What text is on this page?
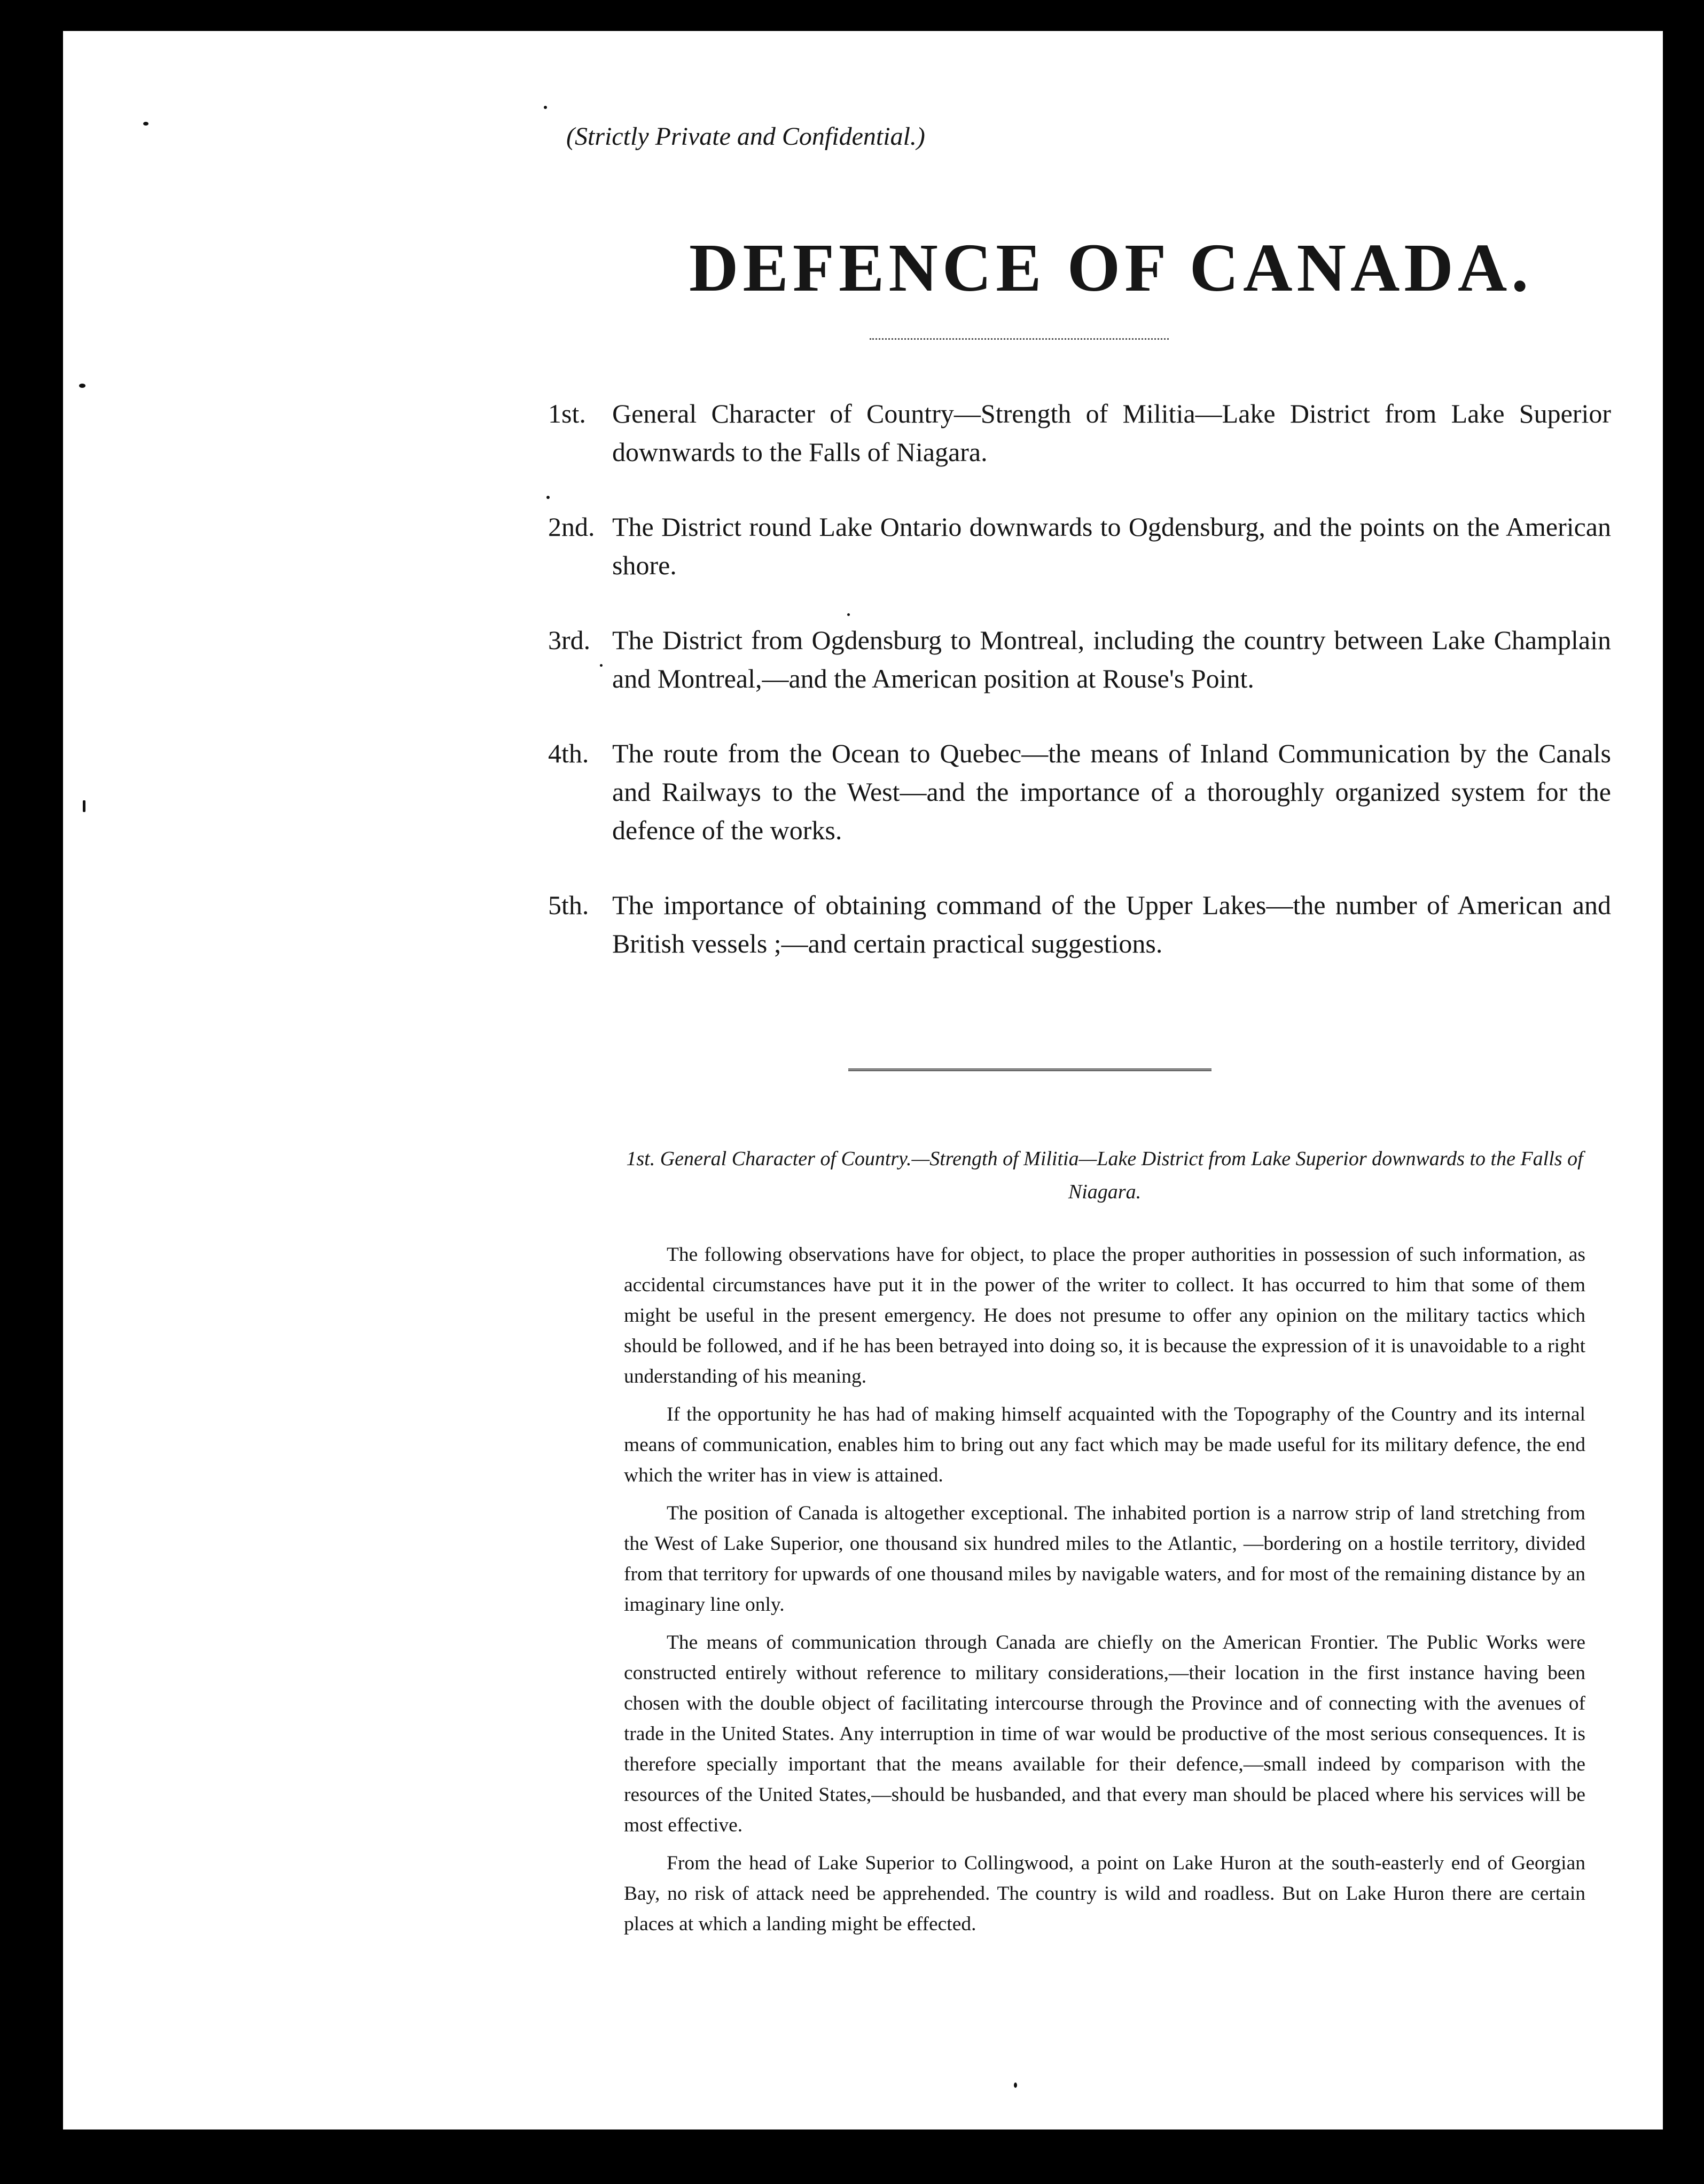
(Strictly Private and Confidential.)

DEFENCE OF CANADA.
1st. General Character of Country—Strength of Militia—Lake District from Lake Superior downwards to the Falls of Niagara.
2nd. The District round Lake Ontario downwards to Ogdensburg, and the points on the American shore.
3rd. The District from Ogdensburg to Montreal, including the country between Lake Champlain and Montreal,—and the American position at Rouse's Point.
4th. The route from the Ocean to Quebec—the means of Inland Communication by the Canals and Railways to the West—and the importance of a thoroughly organized system for the defence of the works.
5th. The importance of obtaining command of the Upper Lakes—the number of American and British vessels ;—and certain practical suggestions.
1st. General Character of Country.—Strength of Militia—Lake District from Lake Superior downwards to the Falls of Niagara.

The following observations have for object, to place the proper authorities in possession of such information, as accidental circumstances have put it in the power of the writer to collect. It has occurred to him that some of them might be useful in the present emergency. He does not presume to offer any opinion on the military tactics which should be followed, and if he has been betrayed into doing so, it is because the expression of it is unavoidable to a right understanding of his meaning.

If the opportunity he has had of making himself acquainted with the Topography of the Country and its internal means of communication, enables him to bring out any fact which may be made useful for its military defence, the end which the writer has in view is attained.

The position of Canada is altogether exceptional. The inhabited portion is a narrow strip of land stretching from the West of Lake Superior, one thousand six hundred miles to the Atlantic, —bordering on a hostile territory, divided from that territory for upwards of one thousand miles by navigable waters, and for most of the remaining distance by an imaginary line only.

The means of communication through Canada are chiefly on the American Frontier. The Public Works were constructed entirely without reference to military considerations,—their location in the first instance having been chosen with the double object of facilitating intercourse through the Province and of connecting with the avenues of trade in the United States. Any interruption in time of war would be productive of the most serious consequences. It is therefore specially important that the means available for their defence,—small indeed by comparison with the resources of the United States,—should be husbanded, and that every man should be placed where his services will be most effective.

From the head of Lake Superior to Collingwood, a point on Lake Huron at the south-easterly end of Georgian Bay, no risk of attack need be apprehended. The country is wild and roadless. But on Lake Huron there are certain places at which a landing might be effected.
